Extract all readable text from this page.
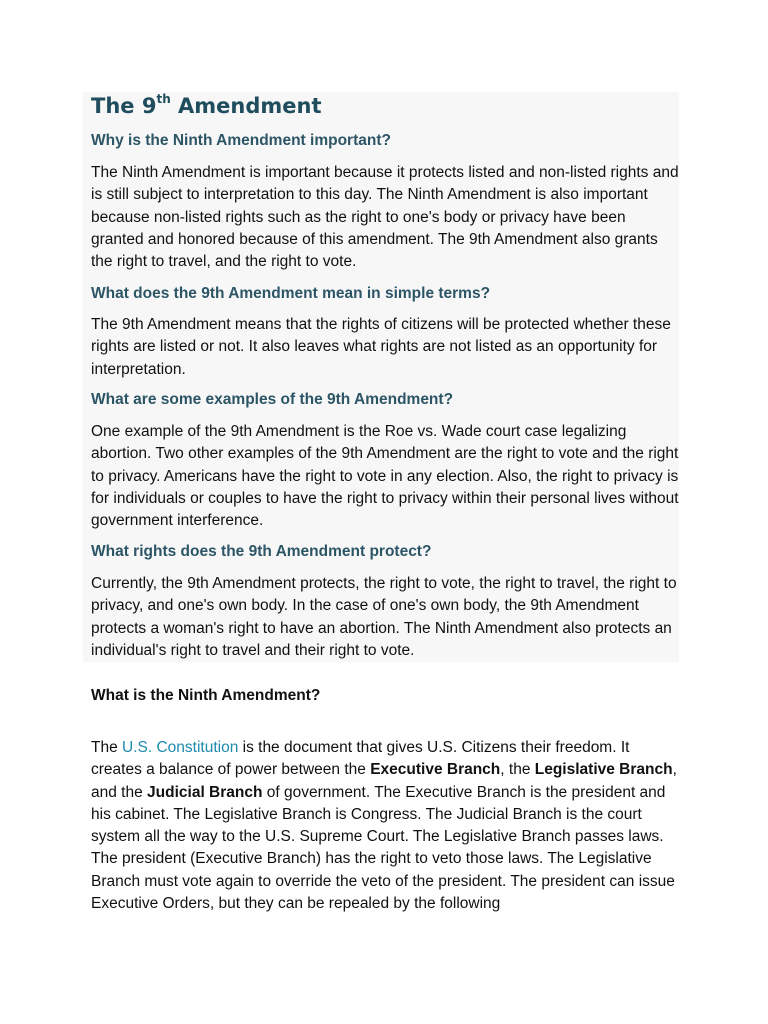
The 9th Amendment
Why is the Ninth Amendment important?

The Ninth Amendment is important because it protects listed and non-listed rights and is still subject to interpretation to this day. The Ninth Amendment is also important because non-listed rights such as the right to one's body or privacy have been granted and honored because of this amendment. The 9th Amendment also grants the right to travel, and the right to vote.

What does the 9th Amendment mean in simple terms?

The 9th Amendment means that the rights of citizens will be protected whether these rights are listed or not. It also leaves what rights are not listed as an opportunity for interpretation.

What are some examples of the 9th Amendment?

One example of the 9th Amendment is the Roe vs. Wade court case legalizing abortion. Two other examples of the 9th Amendment are the right to vote and the right to privacy. Americans have the right to vote in any election. Also, the right to privacy is for individuals or couples to have the right to privacy within their personal lives without government interference.

What rights does the 9th Amendment protect?

Currently, the 9th Amendment protects, the right to vote, the right to travel, the right to privacy, and one's own body. In the case of one's own body, the 9th Amendment protects a woman's right to have an abortion. The Ninth Amendment also protects an individual's right to travel and their right to vote.

What is the Ninth Amendment?

The U.S. Constitution is the document that gives U.S. Citizens their freedom. It creates a balance of power between the Executive Branch, the Legislative Branch, and the Judicial Branch of government. The Executive Branch is the president and his cabinet. The Legislative Branch is Congress. The Judicial Branch is the court system all the way to the U.S. Supreme Court. The Legislative Branch passes laws. The president (Executive Branch) has the right to veto those laws. The Legislative Branch must vote again to override the veto of the president. The president can issue Executive Orders, but they can be repealed by the following
